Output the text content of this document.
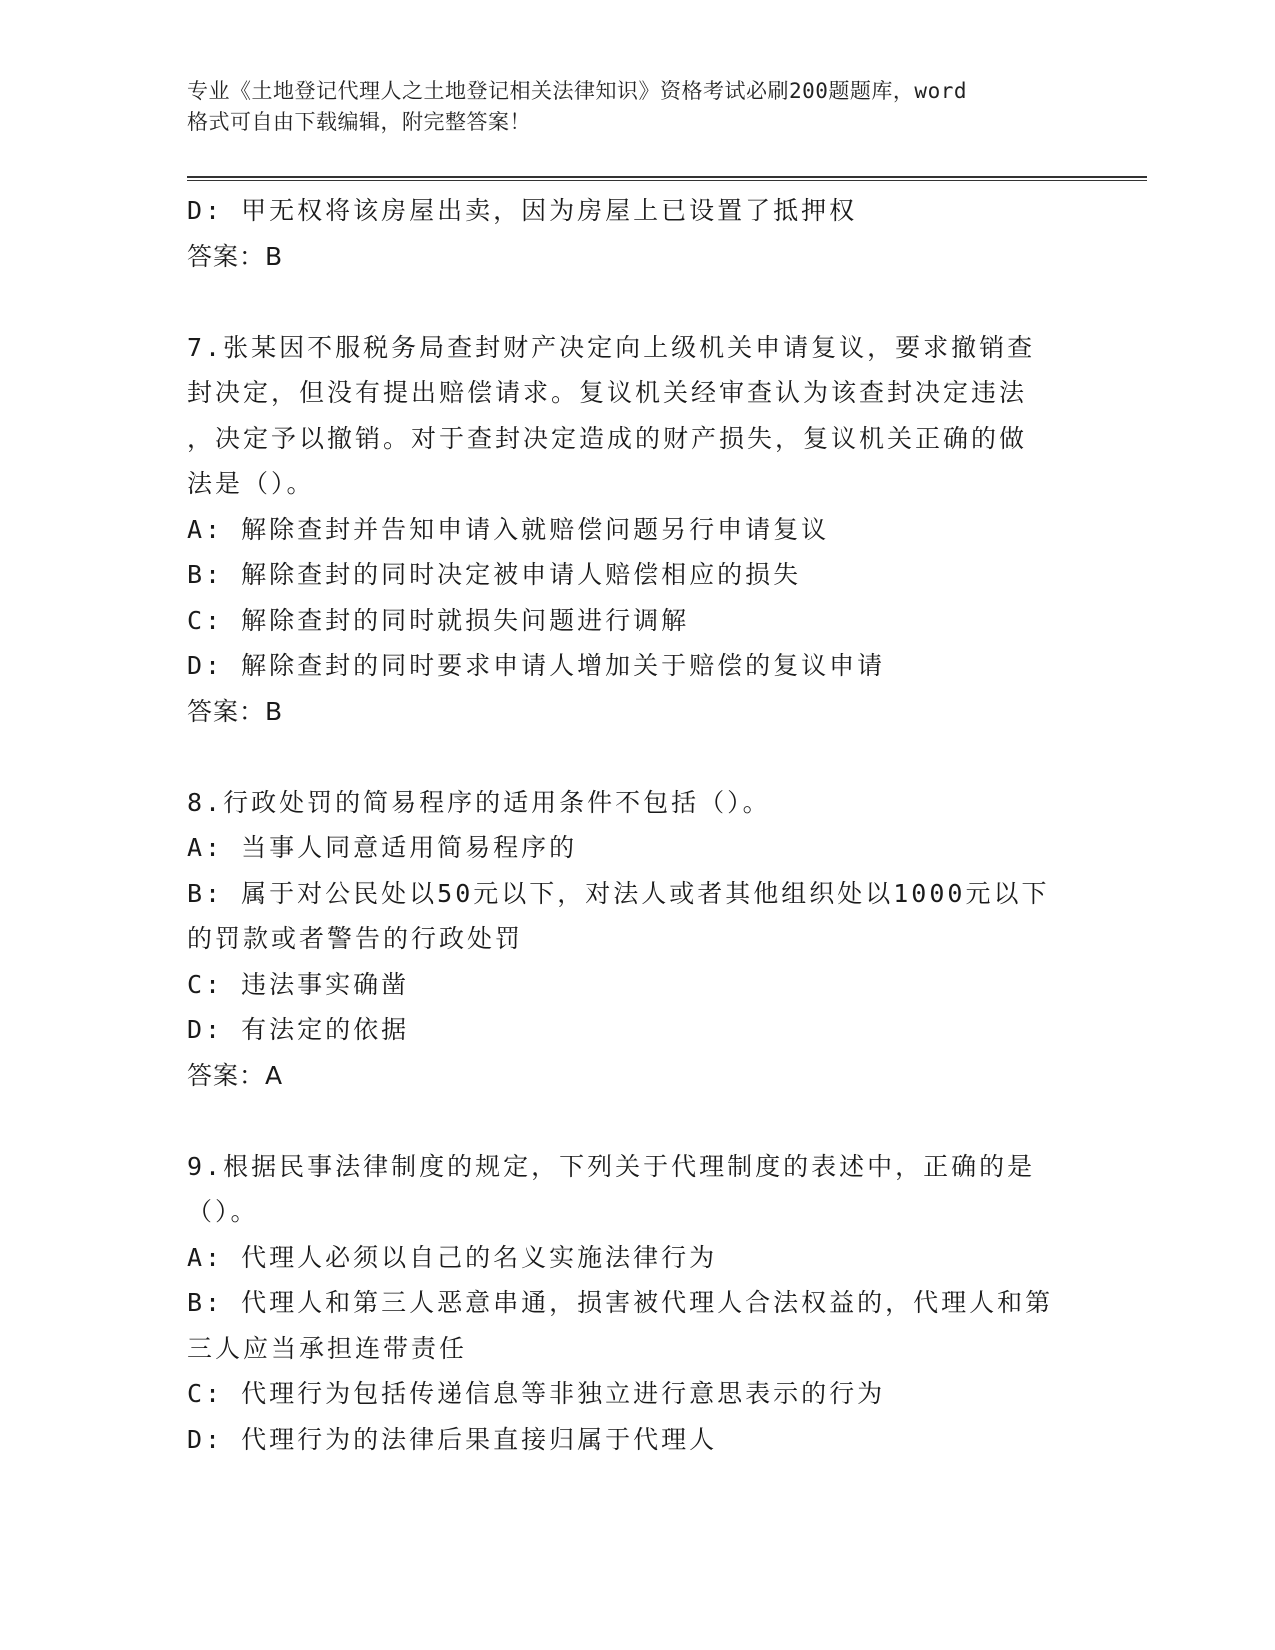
专业《土地登记代理人之土地登记相关法律知识》资格考试必刷200题题库，word
格式可自由下载编辑，附完整答案！
D: 甲无权将该房屋出卖，因为房屋上已设置了抵押权
答案：B
7.张某因不服税务局查封财产决定向上级机关申请复议，要求撤销查
封决定，但没有提出赔偿请求。复议机关经审查认为该查封决定违法
，决定予以撤销。对于查封决定造成的财产损失，复议机关正确的做
法是（）。
A: 解除查封并告知申请入就赔偿问题另行申请复议
B: 解除查封的同时决定被申请人赔偿相应的损失
C: 解除查封的同时就损失问题进行调解
D: 解除查封的同时要求申请人增加关于赔偿的复议申请
答案：B
8.行政处罚的简易程序的适用条件不包括（）。
A: 当事人同意适用简易程序的
B: 属于对公民处以50元以下，对法人或者其他组织处以1000元以下
的罚款或者警告的行政处罚
C: 违法事实确凿
D: 有法定的依据
答案：A
9.根据民事法律制度的规定，下列关于代理制度的表述中，正确的是
（）。
A: 代理人必须以自己的名义实施法律行为
B: 代理人和第三人恶意串通，损害被代理人合法权益的，代理人和第
三人应当承担连带责任
C: 代理行为包括传递信息等非独立进行意思表示的行为
D: 代理行为的法律后果直接归属于代理人
